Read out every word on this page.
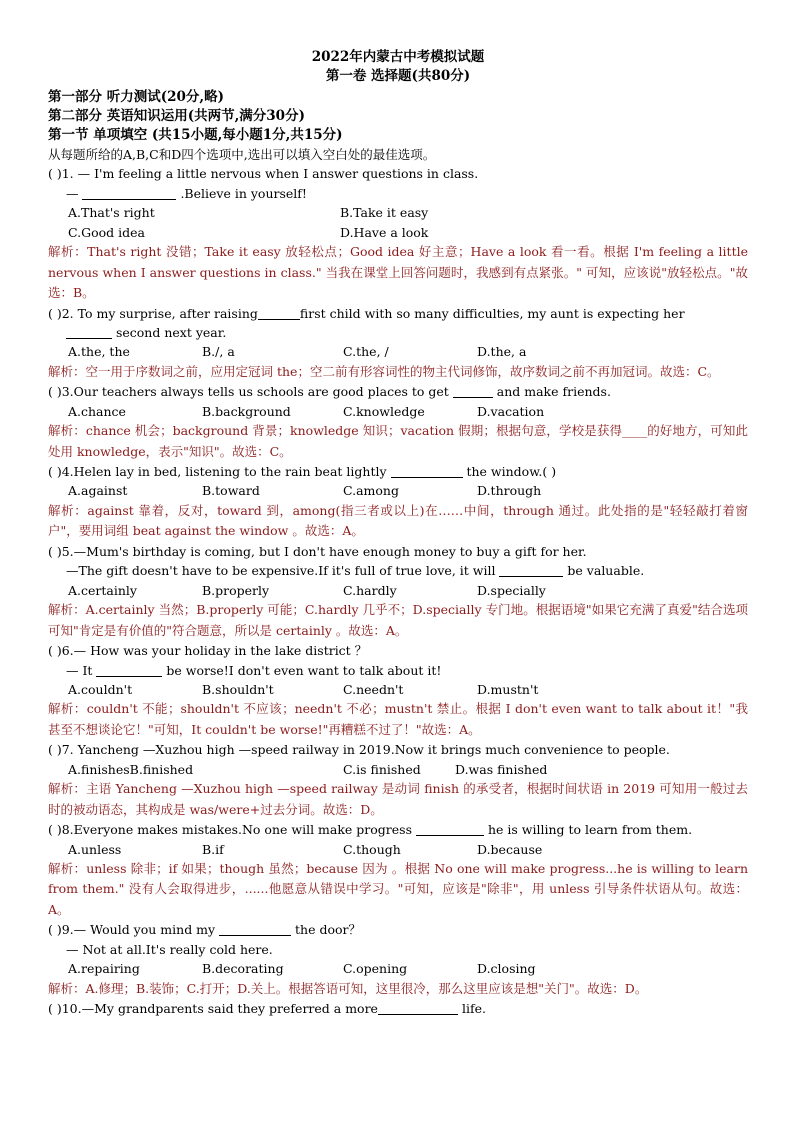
2022年内蒙古中考模拟试题
第一卷 选择题(共80分)
第一部分 听力测试(20分,略)
第二部分 英语知识运用(共两节,满分30分)
第一节 单项填空 (共15小题,每小题1分,共15分)
从每题所给的A,B,C和D四个选项中,选出可以填入空白处的最佳选项。
( )1. — I'm feeling a little nervous when I answer questions in class.
—	.Believe in yourself!
A.That's right	B.Take it easy
C.Good idea	D.Have a look
解析：That's right 没错；Take it easy 放轻松点；Good idea 好主意；Have a look 看一看。根据 I'm feeling a little nervous when I answer questions in class." 当我在课堂上回答问题时，我感到有点紧张。" 可知，应该说"放轻松点。"故选：B。
( )2. To my surprise, after raising	first child with so many difficulties, my aunt is expecting her
second next year.
A.the, the	B./, a	C.the, /	D.the, a
解析：空一用于序数词之前，应用定冠词 the；空二前有形容词性的物主代词修饰，故序数词之前不再加冠词。故选：C。
( )3.Our teachers always tells us schools are good places to get	and make friends.
A.chance	B.background	C.knowledge	D.vacation
解析：chance 机会；background 背景；knowledge 知识；vacation 假期；根据句意，学校是获得____的好地方，可知此处用 knowledge，表示"知识"。故选：C。
( )4.Helen lay in bed, listening to the rain beat lightly	the window.( )
A.against	B.toward	C.among	D.through
解析：against 靠着，反对，toward 到，among(指三者或以上)在……中间，through 通过。此处指的是"轻轻敲打着窗户"，要用词组 beat against the window 。故选：A。
( )5.—Mum's birthday is coming, but I don't have enough money to buy a gift for her.
—The gift doesn't have to be expensive.If it's full of true love, it will	be valuable.
A.certainly	B.properly	C.hardly	D.specially
解析：A.certainly 当然；B.properly 可能；C.hardly 几乎不；D.specially 专门地。根据语境"如果它充满了真爱"结合选项可知"肯定是有价值的"符合题意，所以是 certainly 。故选：A。
( )6.— How was your holiday in the lake district ？
— It	be worse!I don't even want to talk about it!
A.couldn't	B.shouldn't	C.needn't	D.mustn't
解析：couldn't 不能；shouldn't 不应该；needn't 不必；mustn't 禁止。根据 I don't even want to talk about it！"我甚至不想谈论它！"可知，It couldn't be worse!"再糟糕不过了！"故选：A。
( )7. Yancheng —Xuzhou high —speed railway in 2019.Now it brings much convenience to people.
A.finishesB.finished	C.is finished	D.was finished
解析：主语 Yancheng —Xuzhou high —speed railway 是动词 finish 的承受者，根据时间状语 in 2019 可知用一般过去时的被动语态，其构成是 was/were+过去分词。故选：D。
( )8.Everyone makes mistakes.No one will make progress	he is willing to learn from them.
A.unless	B.if	C.though	D.because
解析：unless 除非；if 如果；though 虽然；because 因为 。根据 No one will make progress...he is willing to learn from them." 没有人会取得进步，......他愿意从错误中学习。"可知，应该是"除非"，用 unless 引导条件状语从句。故选：A。
( )9.— Would you mind my	the door？
— Not at all.It's really cold here.
A.repairing	B.decorating	C.opening	D.closing
解析：A.修理；B.装饰；C.打开；D.关上。根据答语可知，这里很冷，那么这里应该是想"关门"。故选：D。
( )10.—My grandparents said they preferred a more	life.
